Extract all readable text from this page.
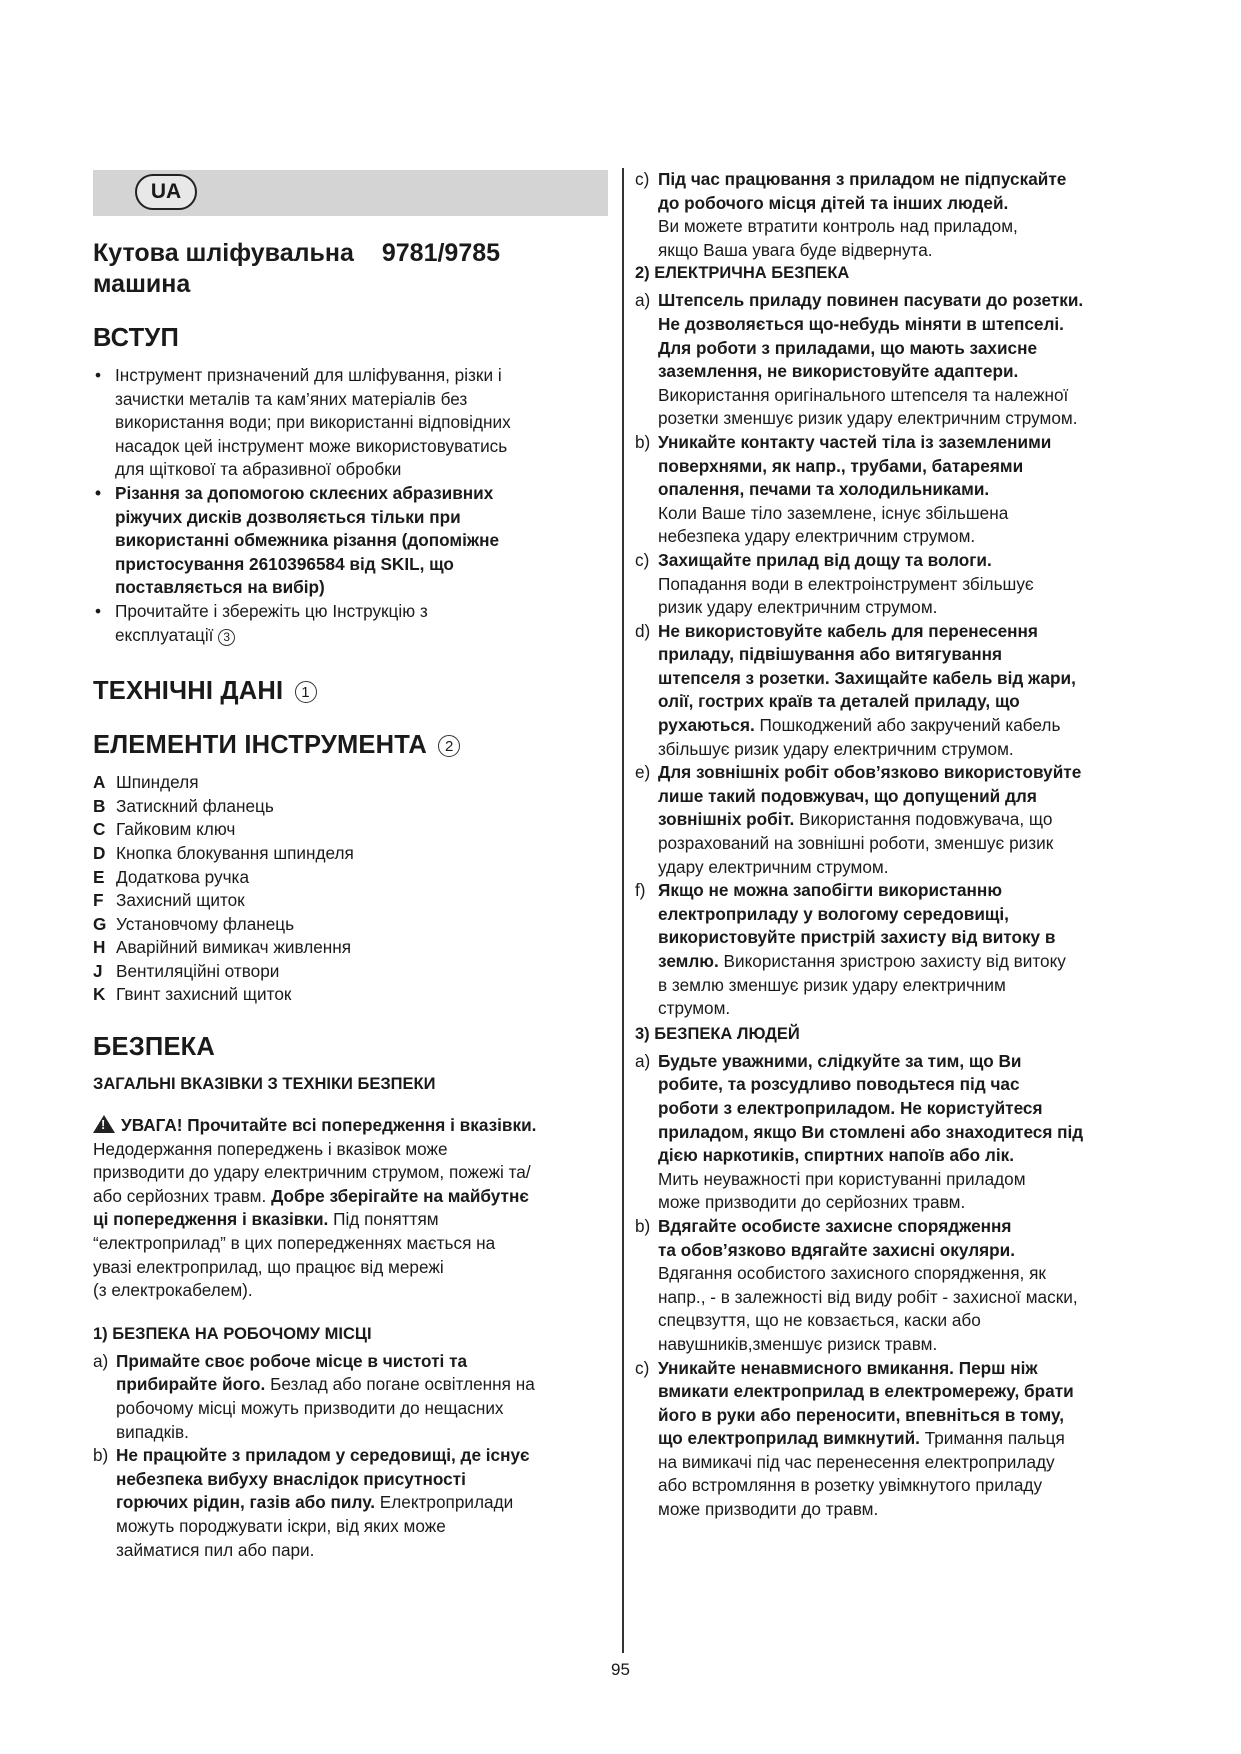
UA
Кутова шліфувальна 9781/9785
машина
ВСТУП
• Інструмент призначений для шліфування, різки і
зачистки металів та кам’яних матеріалів без
використання води; при використанні відповідних
насадок цей інструмент може використовуватись
для щіткової та абразивної обробки
• Різання за допомогою склеєних абразивних
ріжучих дисків дозволяється тільки при
використанні обмежника різання (допоміжне
пристосування 2610396584 від SKIL, що
поставляється на вибір)
• Прочитайте і збережіть цю Інструкцію з
експлуатації 3
ТЕХНІЧНІ ДАНІ 1
ЕЛЕМЕНТИ ІНСТРУМЕНТА 2
A Шпинделя
B Затискний фланець
C Гайковим ключ
D Кнопка блокування шпинделя
E Додаткова ручка
F Захисний щиток
G Установчому фланець
H Аварійний вимикач живлення
J Вентиляційні отвори
K Гвинт захисний щиток
БЕЗПЕКА
ЗАГАЛЬНІ ВКАЗІВКИ З ТЕХНІКИ БЕЗПЕКИ
!УВАГА! Прочитайте всі попередження і вказівки.
Недодержання попереджень і вказівок може
призводити до удару електричним струмом, пожежі та/
або серйозних травм. Добре зберігайте на майбутнє
ці попередження і вказівки. Під поняттям
“електроприлад” в цих попередженнях мається на
увазі електроприлад, що працює від мережі
(з електрокабелем).
1) БЕЗПЕКА НА РОБОЧОМУ МІСЦІ
a) Примайте своє робоче місце в чистоті та
прибирайте його. Безлад або погане освітлення на
робочому місці можуть призводити до нещасних
випадків.
b) Не працюйте з приладом у середовищі, де існує
небезпека вибуху внаслідок присутності
горючих рідин, газів або пилу. Електроприлади
можуть породжувати іскри, від яких може
займатися пил або пари.
c) Під час працювання з приладом не підпускайте
до робочого місця дітей та інших людей.
Ви можете втратити контроль над приладом,
якщо Ваша увага буде відвернута.
2) ЕЛЕКТРИЧНА БЕЗПЕКА
a) Штепсель приладу повинен пасувати до розетки.
Не дозволяється що-небудь міняти в штепселі.
Для роботи з приладами, що мають захисне
заземлення, не використовуйте адаптери.
Використання оригінального штепселя та належної
розетки зменшує ризик удару електричним струмом.
b) Уникайте контакту частей тіла із заземленими
поверхнями, як напр., трубами, батареями
опалення, печами та холодильниками.
Коли Ваше тіло заземлене, існує збільшена
небезпека удару електричним струмом.
c) Захищайте прилад від дощу та вологи.
Попадання води в електроінструмент збільшує
ризик удару електричним струмом.
d) Не використовуйте кабель для перенесення
приладу, підвішування або витягування
штепселя з розетки. Захищайте кабель від жари,
олії, гострих країв та деталей приладу, що
рухаються. Пошкоджений або закручений кабель
збільшує ризик удару електричним струмом.
e) Для зовнішніх робіт обов’язково використовуйте
лише такий подовжувач, що допущений для
зовнішніх робіт. Використання подовжувача, що
розрахований на зовнішні роботи, зменшує ризик
удару електричним струмом.
f) Якщо не можна запобігти використанню
електроприладу у вологому середовищі,
використовуйте пристрій захисту від витоку в
землю. Використання зристрою захисту від витоку
в землю зменшує ризик удару електричним
струмом.
3) БЕЗПЕКА ЛЮДЕЙ
a) Будьте уважними, слідкуйте за тим, що Ви
робите, та розсудливо поводьтеся під час
роботи з електроприладом. Не користуйтеся
приладом, якщо Ви стомлені або знаходитеся під
дією наркотиків, спиртних напоїв або лік.
Мить неуважності при користуванні приладом
може призводити до серйозних травм.
b) Вдягайте особисте захисне спорядження
та обов’язково вдягайте захисні окуляри.
Вдягання особистого захисного спорядження, як
напр., - в залежності від виду робіт - захисної маски,
спецвзуття, що не ковзається, каски або
навушників,зменшує ризиск травм.
c) Уникайте ненавмисного вмикання. Перш ніж
вмикати електроприлад в електромережу, брати
його в руки або переносити, впевніться в тому,
що електроприлад вимкнутий. Тримання пальця
на вимикачі під час перенесення електроприладу
або встромляння в розетку увімкнутого приладу
може призводити до травм.
95
